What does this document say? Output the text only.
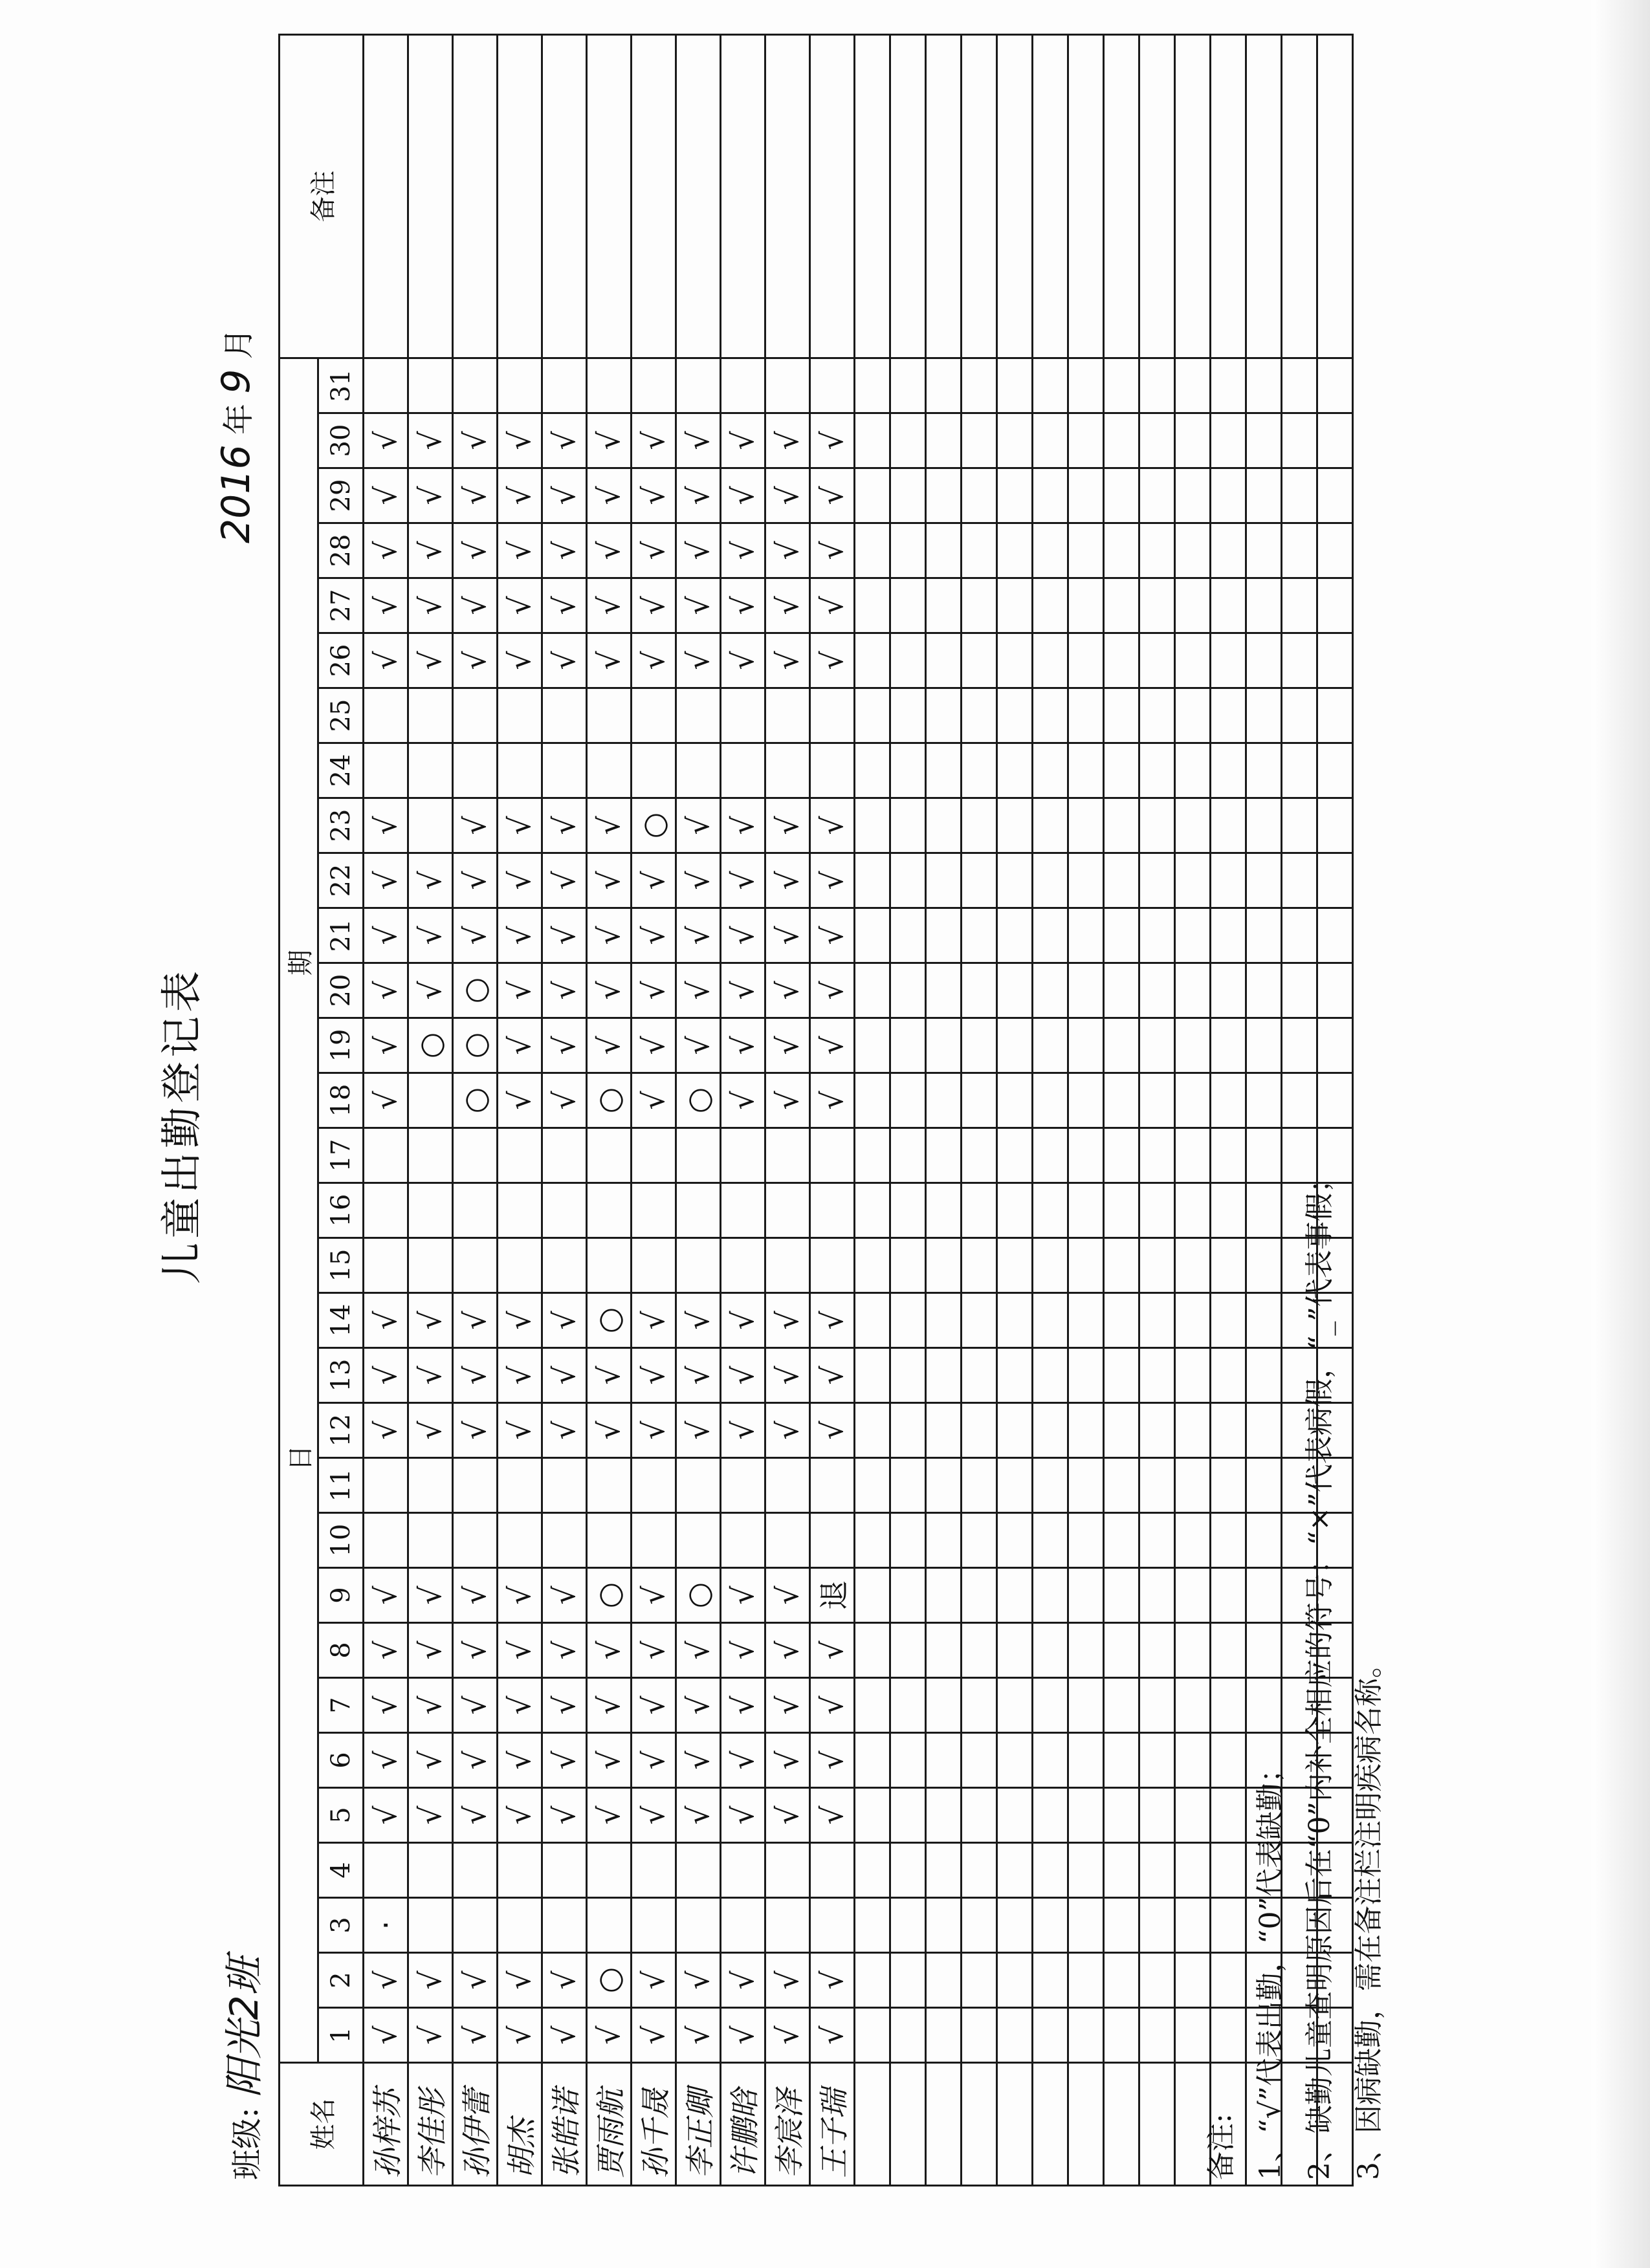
儿童出勤登记表
班级: 阳光2班
2016 年 9 月
姓名	日  期																															备注
	1	2	3	4	5	6	7	8	9	10	11	12	13	14	15	16	17	18	19	20	21	22	23	24	25	26	27	28	29	30	31	
孙梓苏	√	√	·		√	√	√	√	√			√	√	√				√	√	√	√	√	√			√	√	√	√	√		
李佳彤	√	√			√	√	√	√	√			√	√	√					○	√	√	√				√	√	√	√	√		
孙伊蕾	√	√			√	√	√	√	√			√	√	√				○	○	○	√	√	√			√	√	√	√	√		
胡杰	√	√			√	√	√	√	√			√	√	√				√	√	√	√	√	√			√	√	√	√	√		
张皓诺	√	√			√	√	√	√	√			√	√	√				√	√	√	√	√	√			√	√	√	√	√		
贾雨航	√	○			√	√	√	√	○			√	√	○				○	√	√	√	√	√			√	√	√	√	√		
孙千晟	√	√			√	√	√	√	√			√	√	√				√	√	√	√	√	○			√	√	√	√	√		
李正卿	√	√			√	√	√	√	○			√	√	√				○	√	√	√	√	√			√	√	√	√	√		
许鹏晗	√	√			√	√	√	√	√			√	√	√				√	√	√	√	√	√			√	√	√	√	√		
李宸泽	√	√			√	√	√	√	√			√	√	√				√	√	√	√	√	√			√	√	√	√	√		
王子瑞	√	√			√	√	√	√	退			√	√	√				√	√	√	√	√	√			√	√	√	√	√		

备注: 1、“√”代表出勤，“0”代表缺勤； 2、缺勤儿童查明原因后在“0”内补全相应的符号：“×”代表病假，“_”代表事假； 3、因病缺勤，需在备注栏注明疾病名称。
